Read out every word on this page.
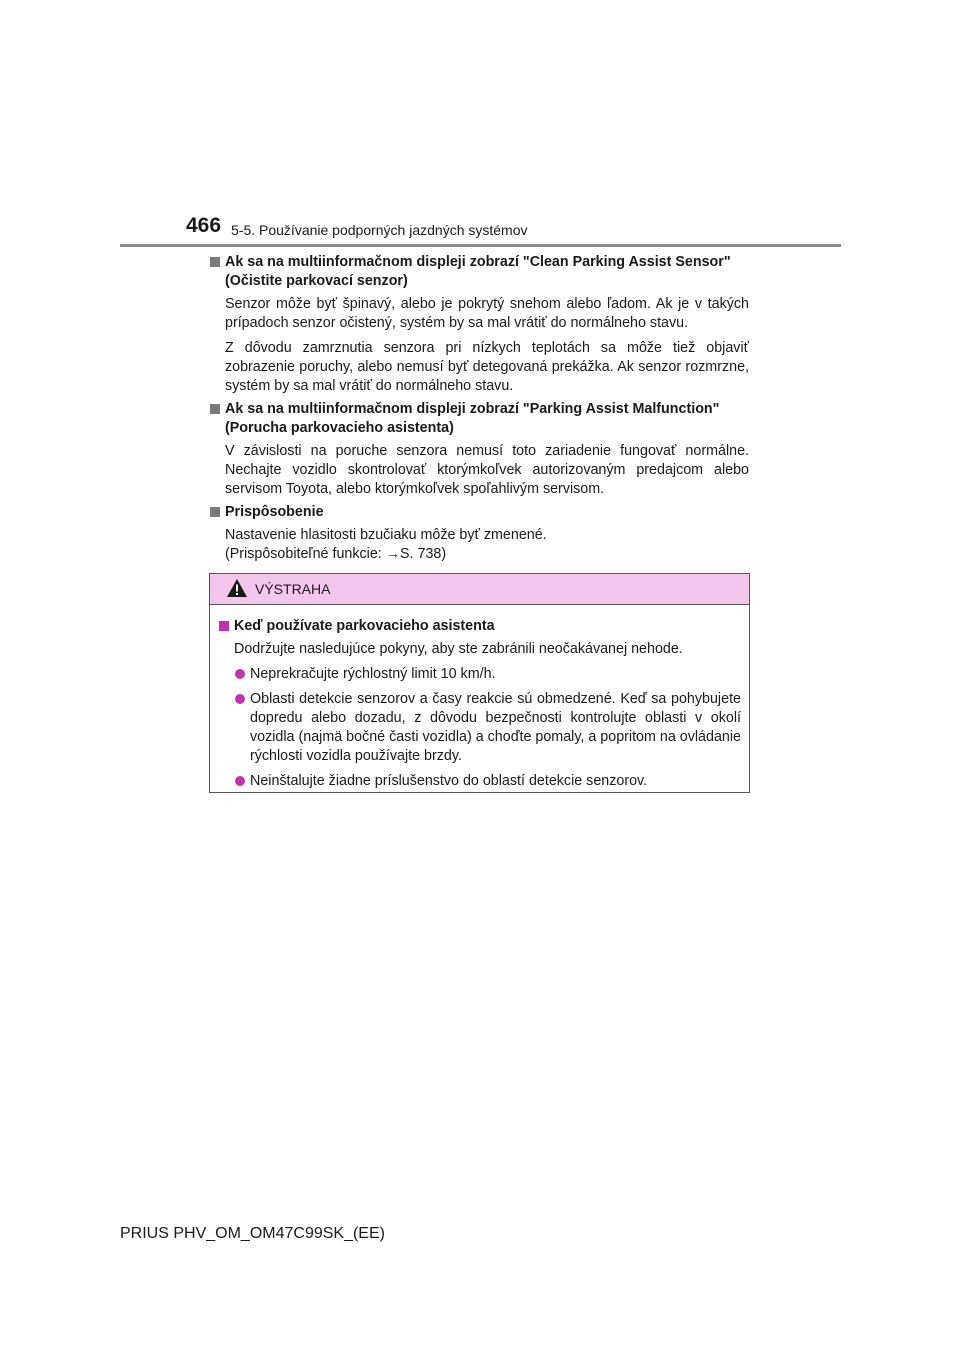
466 5-5. Používanie podporných jazdných systémov
Ak sa na multiinformačnom displeji zobrazí "Clean Parking Assist Sensor" (Očistite parkovací senzor)
Senzor môže byť špinavý, alebo je pokrytý snehom alebo ľadom. Ak je v takých prípadoch senzor očistený, systém by sa mal vrátiť do normálneho stavu.
Z dôvodu zamrznutia senzora pri nízkych teplotách sa môže tiež objaviť zobrazenie poruchy, alebo nemusí byť detegovaná prekážka. Ak senzor rozmrzne, systém by sa mal vrátiť do normálneho stavu.
Ak sa na multiinformačnom displeji zobrazí "Parking Assist Malfunction" (Porucha parkovacieho asistenta)
V závislosti na poruche senzora nemusí toto zariadenie fungovať normálne. Nechajte vozidlo skontrolovať ktorýmkoľvek autorizovaným predajcom alebo servisom Toyota, alebo ktorýmkoľvek spoľahlivým servisom.
Prispôsobenie
Nastavenie hlasitosti bzučiaku môže byť zmenené.
(Prispôsobiteľné funkcie: →S. 738)
VÝSTRAHA
Keď používate parkovacieho asistenta
Dodržujte nasledujúce pokyny, aby ste zabránili neočakávanej nehode.
Neprekračujte rýchlostný limit 10 km/h.
Oblasti detekcie senzorov a časy reakcie sú obmedzené. Keď sa pohybujete dopredu alebo dozadu, z dôvodu bezpečnosti kontrolujte oblasti v okolí vozidla (najmä bočné časti vozidla) a choďte pomaly, a popritom na ovládanie rýchlosti vozidla používajte brzdy.
Neinštalujte žiadne príslušenstvo do oblastí detekcie senzorov.
PRIUS PHV_OM_OM47C99SK_(EE)
